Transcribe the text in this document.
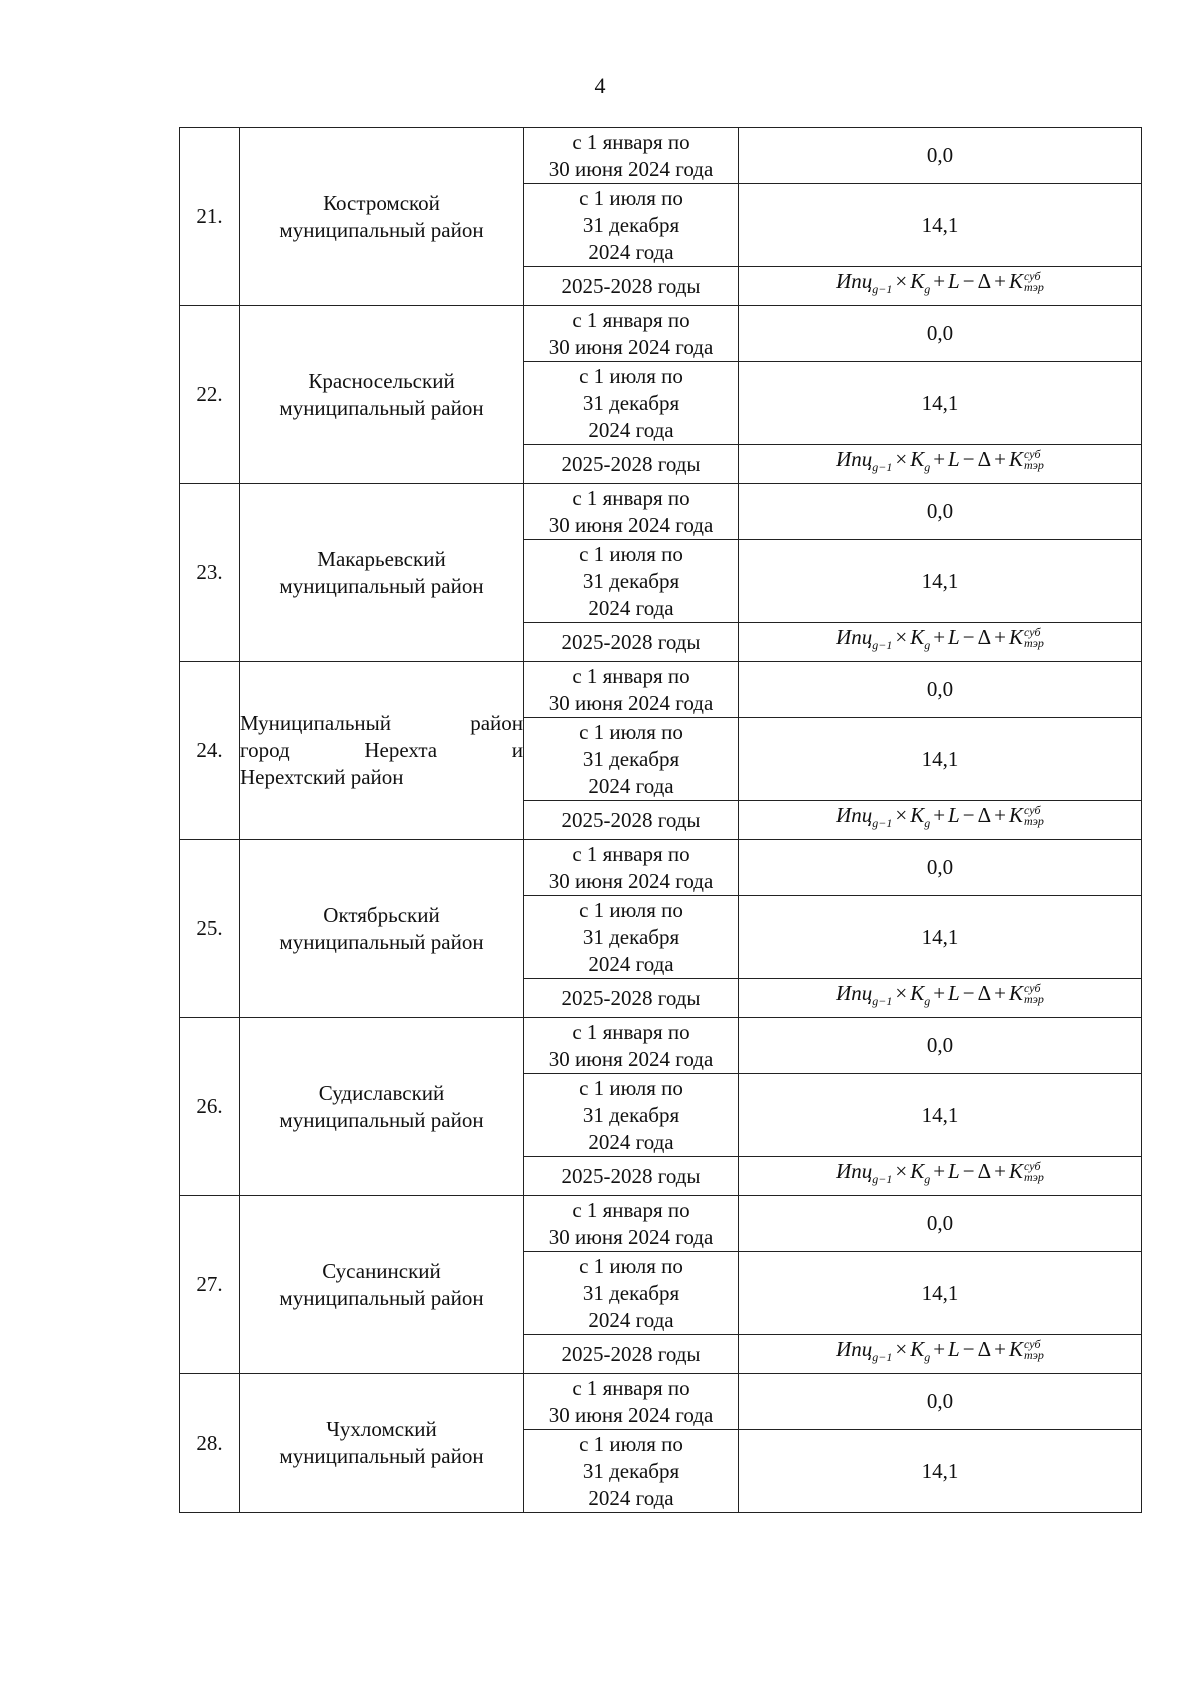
4
21.	Костромской
муниципальный район	с 1 января по
30 июня 2024 года	0,0

		с 1 июля по
31 декабря
2024 года	14,1
		2025-2028 годы	$Ипц_{g-1} \times K_g + L - \Delta + K$ суб
тэр

22.	Красносельский
муниципальный район	с 1 января по
30 июня 2024 года	0,0

		с 1 июля по
31 декабря
2024 года	14,1
		2025-2028 годы	$Ипц_{g-1} \times K_g + L - \Delta + K$ суб
тэр

23.	Макарьевский
муниципальный район	с 1 января по
30 июня 2024 года	0,0

		с 1 июля по
31 декабря
2024 года	14,1
		2025-2028 годы	$Ипц_{g-1} \times K_g + L - \Delta + K$ суб
тэр

24.	Муниципальный район
город Нерехта и
Нерехтский район	с 1 января по
30 июня 2024 года	0,0

		с 1 июля по
31 декабря
2024 года	14,1
		2025-2028 годы	$Ипц_{g-1} \times K_g + L - \Delta + K$ суб
тэр

25.	Октябрьский
муниципальный район	с 1 января по
30 июня 2024 года	0,0

		с 1 июля по
31 декабря
2024 года	14,1
		2025-2028 годы	$Ипц_{g-1} \times K_g + L - \Delta + K$ суб
тэр

26.	Судиславский
муниципальный район	с 1 января по
30 июня 2024 года	0,0

		с 1 июля по
31 декабря
2024 года	14,1
		2025-2028 годы	$Ипц_{g-1} \times K_g + L - \Delta + K$ суб
тэр

27.	Сусанинский
муниципальный район	с 1 января по
30 июня 2024 года	0,0

		с 1 июля по
31 декабря
2024 года	14,1
		2025-2028 годы	$Ипц_{g-1} \times K_g + L - \Delta + K$ суб
тэр

28.	Чухломский
муниципальный район	с 1 января по
30 июня 2024 года	0,0

		с 1 июля по
31 декабря
2024 года	14,1
